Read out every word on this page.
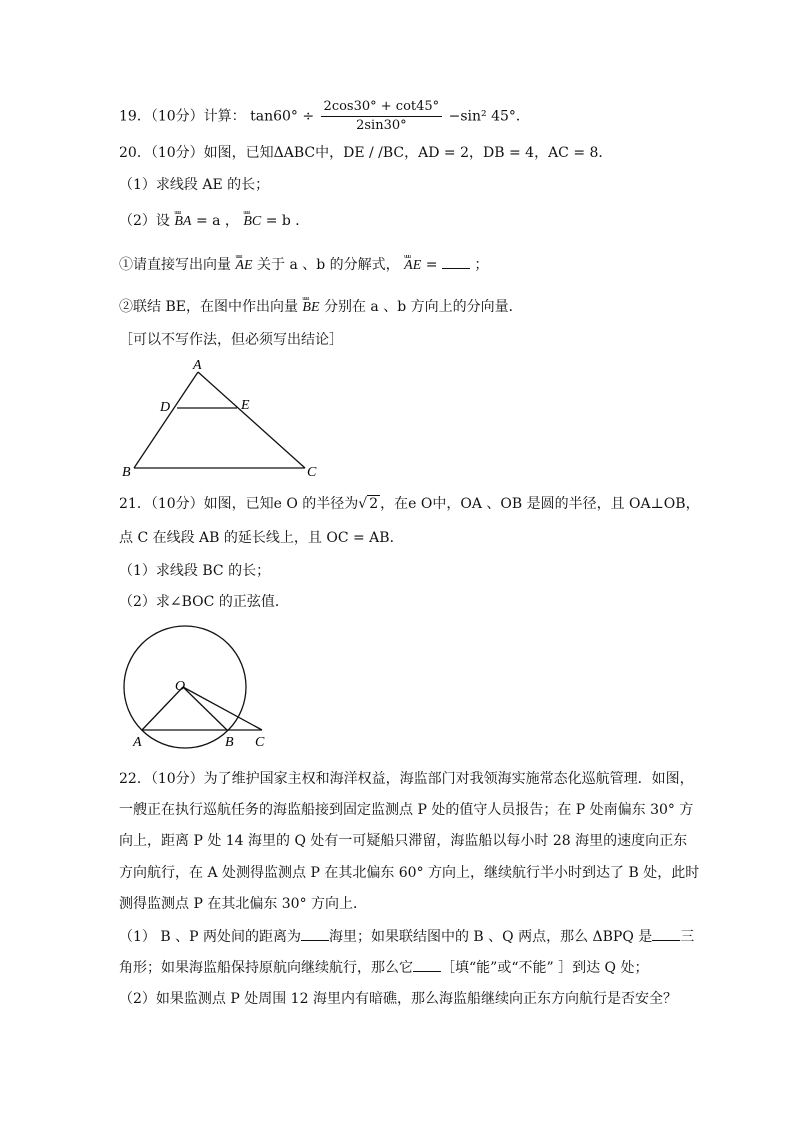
19．（10分）计算： $\tan 60^\circ \div \frac{2\cos 30^\circ + \cot 45^\circ}{2\sin 30^\circ} -\sin^2$ 45°．
20．（10分）如图，已知ΔABC中，DE / /BC，AD = 2，DB = 4，AC = 8．
（1）求线段 AE 的长；
（2）设 uuu BA = a ， uuu BC = b ．
①请直接写出向量 uuu AE 关于 a 、b 的分解式， uuu AE =	；
②联结 BE，在图中作出向量 uuu BE 分别在 a 、b 方向上的分向量．
［可以不写作法，但必须写出结论］
A
D	E
B	C
21．（10分）如图，已知e O 的半径为√ 2 ，在e O中，OA 、OB 是圆的半径，且 OA⊥OB，
点 C 在线段 AB 的延长线上，且 OC = AB．
（1）求线段 BC 的长；
（2）求∠BOC 的正弦值．
O
A	B C
22．（10分）为了维护国家主权和海洋权益，海监部门对我领海实施常态化巡航管理．如图，
一艘正在执行巡航任务的海监船接到固定监测点 P 处的值守人员报告；在 P 处南偏东 30° 方
向上，距离 P 处 14 海里的 Q 处有一可疑船只滞留，海监船以每小时 28 海里的速度向正东
方向航行，在 A 处测得监测点 P 在其北偏东 60° 方向上，继续航行半小时到达了 B 处，此时
测得监测点 P 在其北偏东 30° 方向上．
（1） B 、P 两处间的距离为 海里；如果联结图中的 B 、Q 两点，那么 ΔBPQ 是 三
角形；如果海监船保持原航向继续航行，那么它 ［填“能”或“不能” ］到达 Q 处；
（2）如果监测点 P 处周围 12 海里内有暗礁，那么海监船继续向正东方向航行是否安全？
